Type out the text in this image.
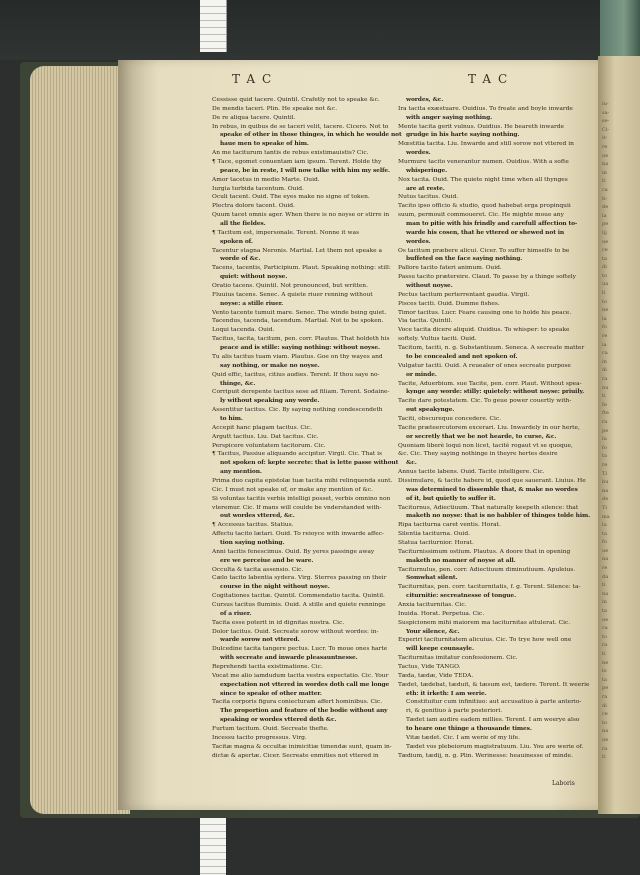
iu-
sa-
se-
Ci-
it-
re
ue
na
in
ti
ca
ti-
de
la
pe
iij
ue
ce
ta
di
to
ua
li
to
ne
la
fo
re
ia
ca
in
di
ra
nu
ti
fe
fte
ra
pe
lu
fo
ta
re
Ti
bu
na
de
Ti
ma
lu
ta
fo
ue
na
re
da
ti
na
in
ta
ue
ca
to
ra
ti
ne
lo
ta
pe
ra
di
ce
to
na
ue
ra
ti
TAC	TAC
Cessisse quid tacere. Quintil. Crafetly not to speake &c.
De mendis taceri. Plin. He speake not &c.
De re aliqua tacere. Quintil.
In rebus, in quibus de se taceri velit, tacere. Cicero. Not to
speake of other in those thinges, in which he woulde not
haue men to speake of him.
An me taciturum tantis de rebus existimauistis? Cic.
¶ Tace, egomet conuentam iam ipsum. Terent. Holde thy
peace, be in reste, I will now talke with him my selfe.
Amor tacetus in medio Marte. Ouid.
Iurgia turbida tacentum. Ouid.
Oculi tacent. Ouid. The eyes make no signe of token.
Plectra dolore tacent. Ouid.
Quum tacet omnis ager. When there is no noyse or stirre in
all the fieldes.
¶ Tacitum est, impersonale. Terent. Nonne it was
spoken of.
Tacentur stagna Neronis. Martial. Let them not speake a
worde of &c.
Tacens, tacentis, Participium. Plaut. Speaking nothing: still:
quiet: without noyse.
Oratio tacens. Quintil. Not pronounced, but written.
Fluuius tacens. Senec. A quiete riuer renning without
noyse: a stille riuer.
Vento tacente tumuit mare. Senec. The winde being quiet.
Tacendus, tacenda, tacendum. Martial. Not to be spoken.
Loqui tacenda. Ouid.
Tacitus, tacita, tacitum, pen. corr. Plautus. That holdeth his
peace and is stille: saying nothing: without noyse.
Tu alis tacitus tuam viam. Plautus. Goe on thy wayes and
say nothing, or make no noyse.
Quid effic, tacitus, citius audies. Terent. If thou saye no-
thinge, &c.
Corripuit derepente tacitus sese ad filiam. Terent. Sodaine-
ly without speaking any worde.
Assentitur tacitus. Cic. By saying nothing condescendeth
to him.
Accepit hanc plagam tacitus. Cic.
Argutt tacitus. Liu. Dat tacitus. Cic.
Perspicere voluntatem tacitorum. Cic.
¶ Tacitus, Passiue aliquando accipitur. Virgil. Cic. That is
not spoken of: kepte secrete: that is lette passe without
any mention.
Prima duo capita epistolæ tuæ tacita mihi relinquenda sunt.
Cic. I must not speake of, or make any mention of &c.
Si voluntas tacitis verbis intelligi posset, verbis omnino non
vteremur. Cic. If mans will coulde be vnderstanded with-
out wordes vttered, &c.
¶ Accessus tacitus. Statius.
Affectu tacito lætari. Ouid. To reioyce with inwarde affec-
tion saying nothing.
Anni tacitis fenescimus. Ouid. By yeres passinge away
ere we perceiue and be ware.
Occulta & tacita assensio. Cic.
Cælo tacito labentia sydera. Virg. Sterres passing on their
course in the night without noyse.
Cogitationes tacitæ. Quintil. Commendatio tacita. Quintil.
Cursus tacitus fluminis. Ouid. A stille and quiete renninge
of a riuer.
Tacita esse poterit in id dignitas nostra. Cic.
Dolor tacitus. Ouid. Secreate sorow without wordes: in-
warde sorow not vttered.
Dulcedine tacita tangere pectus. Lucr. To moue ones harte
with secreate and inwarde pleasauntnesse.
Reprehendi tacita existimatione. Cic.
Vocat me alio iamdudum tacita vestra expectatio. Cic. Your
expectation not vttered in wordes doth call me longe
since to speake of other matter.
Tacita corporis figura coniecturam affert hominibus. Cic.
The proportion and feature of the bodie without any
speaking or wordes vttered doth &c.
Furtum tacitum. Ouid. Secreate thefte.
Incessu tacito progressus. Virg.
Tacitæ magna & occultæ inimicitiæ timendæ sunt, quam in-
dictæ & apertæ. Cicer. Secreate enmities not vttered in
wordes, &c.
Ira tacita exæstuare. Ouidius. To freate and boyle inwarde
with anger saying nothing.
Mente tacita gerit vulnus. Ouidius. He beareth inwarde
grudge in his harte saying nothing.
Mœstitia tacita. Liu. Inwarde and still sorow not vttered in
wordes.
Murmure tacito venerantur numen. Ouidius. With a softe
whisperinge.
Nox tacita. Ouid. The quiete night time when all thynges
are at reste.
Nutus tacitus. Ouid.
Tacito ipso officio & studio, quod habebat erga propinquii
suum, permouit commoueret. Cic. He mighte moue any
man to pitie with his frindly and carefull affection to-
warde his cosen, that he vttered or shewed not in
wordes.
Os tacitum præbere alicui. Cicer. To suffer himselfe to be
buffeted on the face saying nothing.
Pallore tacito fateri animum. Ouid.
Passu tacito prætereire. Claud. To passe by a thinge softely
without noyse.
Pectus tacitum perterrentant gaudia. Virgil.
Pisces taciti. Ouid. Dumme fishes.
Timor tacitus. Lucr. Feare causing one to holde his peace.
Via tacita. Quintil.
Voce tacita dicere aliquid. Ouidius. To whisper: to speake
softely. Vultus taciti. Ouid.
Tacitum, taciti, n. g. Substantiuum. Seneca. A secreate matter
to be concealed and not spoken of.
Vulgatur taciti. Ouid. A reuealer of ones secreate purpose
or minde.
Tacite, Aduerbium. sue Tacite, pen. corr. Plaut. Without spea-
kynge any worde: stilly: quietely: without noyse: priuily.
Tacite dare potestatem. Cic. To geue power couertly with-
out speakynge.
Taciti, obscureque concedere. Cic.
Tacite præteercutorem excerari. Liu. Inwardely in our herte,
or secretly that we be not hearde, to curse, &c.
Quoniam liberè loqui non licet, tacitè rogaut vt se quoque,
&c. Cic. They saying nothinge in theyre hertes desire
&c.
Annus tacite labens. Ouid. Tacite intelligere. Cic.
Dissimulare, & tacite habere id, quod que sauerant. Liuius. He
was determined to dissemble that, & make no wordes
of it, but quietly to suffer it.
Taciturnus, Adiectiuum. That naturally keepeth silence: that
maketh no noyse: that is no babbler of thinges tolde him.
Ripa taciturna caret ventis. Horat.
Silentia taciturna. Ouid.
Statua taciturnior. Horat.
Taciturnissimum ostium. Plautus. A doore that in opening
maketh no manner of noyse at all.
Taciturnulus, pen. corr. Adiectiuum diminutiuum. Apuleius.
Somwhat silent.
Taciturnitas, pen. corr. taciturnitatis, f. g. Terent. Silence: ta-
citurnitie: secreatnesse of tongue.
Anxia taciturnitas. Cic.
Inuida. Horat. Perpetua. Cic.
Suspicionem mihi maiorem ma taciturnitas attulerat. Cic.
Your silence, &c.
Experiri taciturnitatem alicuius. Cic. To trye how well one
will keepe counsayle.
Taciturnitas imitatur confessionem. Cic.
Tactus, Vide TANGO.
Tæda, tædæ, Vide TEDA.
Tædet, tædebat, tæduit, & tæsum est, tædere. Terent. It weerie
eth: it irketh: I am werie.
Constituitur cum infinitiuo: aut accusatiuo à parte anterio-
ri, & genitiuo à parte posteriori.
Tædet iam audire eadem millies. Terent. I am weerye also
to heare one thinge a thousande times.
Vitæ tædet. Cic. I am werie of my life.
Tædet vos plebeiorum magistratuum. Liu. You are werie of.
Tædium, tædij, n. g. Plin. Werinesse: heauinesse of minde.
Laboris
